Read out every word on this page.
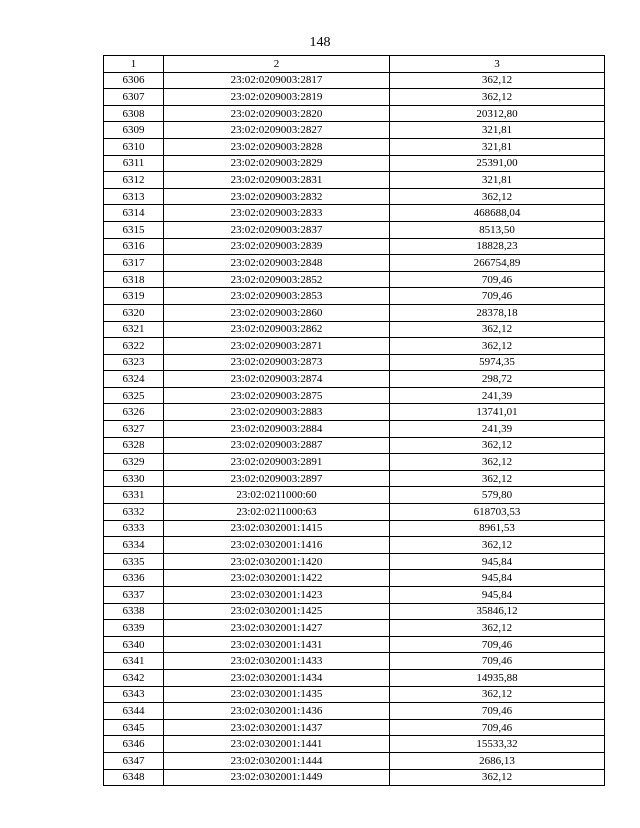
148
1	2	3
6306	23:02:0209003:2817	362,12
6307	23:02:0209003:2819	362,12
6308	23:02:0209003:2820	20312,80
6309	23:02:0209003:2827	321,81
6310	23:02:0209003:2828	321,81
6311	23:02:0209003:2829	25391,00
6312	23:02:0209003:2831	321,81
6313	23:02:0209003:2832	362,12
6314	23:02:0209003:2833	468688,04
6315	23:02:0209003:2837	8513,50
6316	23:02:0209003:2839	18828,23
6317	23:02:0209003:2848	266754,89
6318	23:02:0209003:2852	709,46
6319	23:02:0209003:2853	709,46
6320	23:02:0209003:2860	28378,18
6321	23:02:0209003:2862	362,12
6322	23:02:0209003:2871	362,12
6323	23:02:0209003:2873	5974,35
6324	23:02:0209003:2874	298,72
6325	23:02:0209003:2875	241,39
6326	23:02:0209003:2883	13741,01
6327	23:02:0209003:2884	241,39
6328	23:02:0209003:2887	362,12
6329	23:02:0209003:2891	362,12
6330	23:02:0209003:2897	362,12
6331	23:02:0211000:60	579,80
6332	23:02:0211000:63	618703,53
6333	23:02:0302001:1415	8961,53
6334	23:02:0302001:1416	362,12
6335	23:02:0302001:1420	945,84
6336	23:02:0302001:1422	945,84
6337	23:02:0302001:1423	945,84
6338	23:02:0302001:1425	35846,12
6339	23:02:0302001:1427	362,12
6340	23:02:0302001:1431	709,46
6341	23:02:0302001:1433	709,46
6342	23:02:0302001:1434	14935,88
6343	23:02:0302001:1435	362,12
6344	23:02:0302001:1436	709,46
6345	23:02:0302001:1437	709,46
6346	23:02:0302001:1441	15533,32
6347	23:02:0302001:1444	2686,13
6348	23:02:0302001:1449	362,12
